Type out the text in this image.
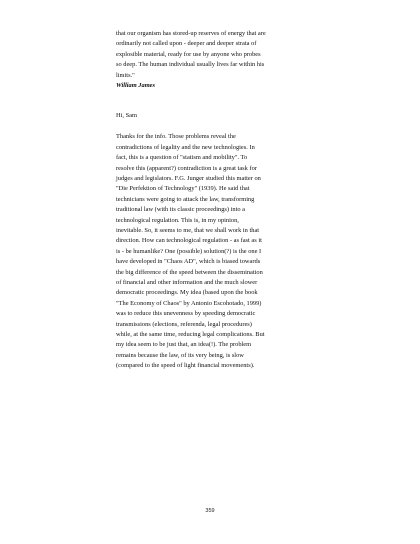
that our organism has stored-up reserves of energy that are
ordinarily not called upon - deeper and deeper strata of
explosible material, ready for use by anyone who probes
so deep. The human individual usually lives far within his
limits."
William James
Hi, Sam
Thanks for the info. Those problems reveal the
contradictions of legality and the new technologies. In
fact, this is a question of "statism and mobility". To
resolve this (apparent?) contradiction is a great task for
judges and legislators. F.G. Junger studied this matter on
"Die Perfektion of Technology" (1939). He said that
technicians were going to attack the law, transforming
traditional law (with its classic proceedings) into a
technological regulation. This is, in my opinion,
inevitable. So, it seems to me, that we shall work in that
direction. How can technological regulation - as fast as it
is - be humanlike? One (possible) solution(?) is the one I
have developed in "Chaos AD", which is biased towards
the big difference of the speed between the dissemination
of financial and other information and the much slower
democratic proceedings. My idea (based upon the book
"The Economy of Chaos" by Antonio Escohotado, 1999)
was to reduce this unevenness by speeding democratic
transmissions (elections, referenda, legal procedures)
while, at the same time, reducing legal complications. But
my idea seem to be just that, an idea(!). The problem
remains because the law, of its very being, is slow
(compared to the speed of light financial movements).
359
